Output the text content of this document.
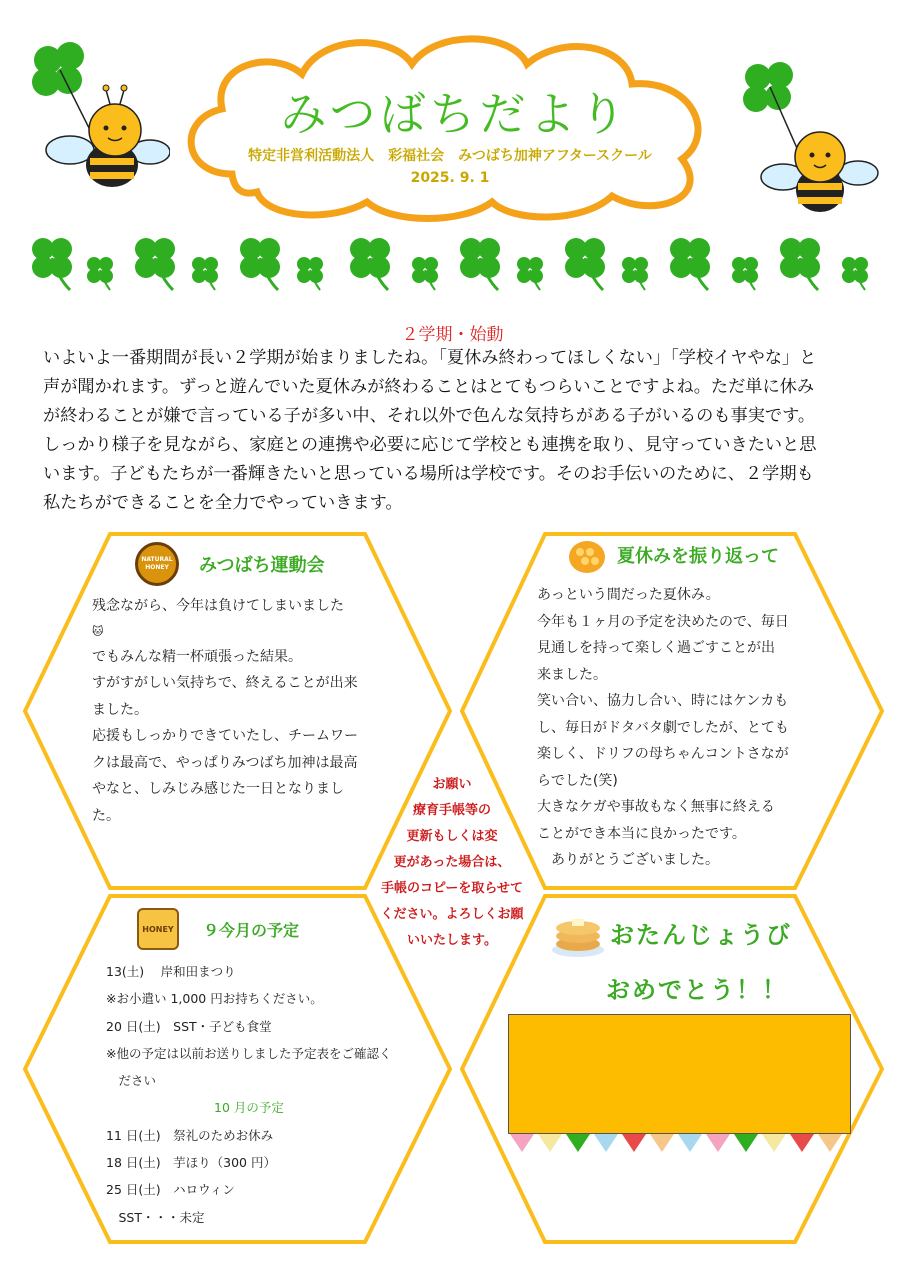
みつばちだより
特定非営利活動法人　彩福社会　みつばち加神アフタースクール
2025. 9. 1
２学期・始動

いよいよ一番期間が長い２学期が始まりましたね。「夏休み終わってほしくない」「学校イヤやな」と

声が聞かれます。ずっと遊んでいた夏休みが終わることはとてもつらいことですよね。ただ単に休み

が終わることが嫌で言っている子が多い中、それ以外で色んな気持ちがある子がいるのも事実です。

しっかり様子を見ながら、家庭との連携や必要に応じて学校とも連携を取り、見守っていきたいと思

います。子どもたちが一番輝きたいと思っている場所は学校です。そのお手伝いのために、２学期も

私たちができることを全力でやっていきます。

NATURAL HONEY	みつばち運動会

残念ながら、今年は負けてしまいました

🐱

でもみんな精一杯頑張った結果。

すがすがしい気持ちで、終えることが出来

ました。

応援もしっかりできていたし、チームワー

クは最高で、やっぱりみつばち加神は最高

やなと、しみじみ感じた一日となりまし

た。

夏休みを振り返って

あっという間だった夏休み。

今年も１ヶ月の予定を決めたので、毎日

見通しを持って楽しく過ごすことが出

来ました。

笑い合い、協力し合い、時にはケンカも

し、毎日がドタバタ劇でしたが、とても

楽しく、ドリフの母ちゃんコントさなが

らでした(笑)

大きなケガや事故もなく無事に終える

ことができ本当に良かったです。

　ありがとうございました。

お願い

療育手帳等の

更新もしくは変

更があった場合は、

手帳のコピーを取らせて

ください。よろしくお願

いいたします。

HONEY ９今月の予定

13(土)　 岸和田まつり

※お小遣い 1,000 円お持ちください。

20 日(土)　SST・子ども食堂

※他の予定は以前お送りしました予定表をご確認く

　ださい

10 月の予定

11 日(土)　祭礼のためお休み

18 日(土)　芋ほり（300 円）

25 日(土)　ハロウィン

　SST・・・未定

おたんじょうび
おめでとう！！
